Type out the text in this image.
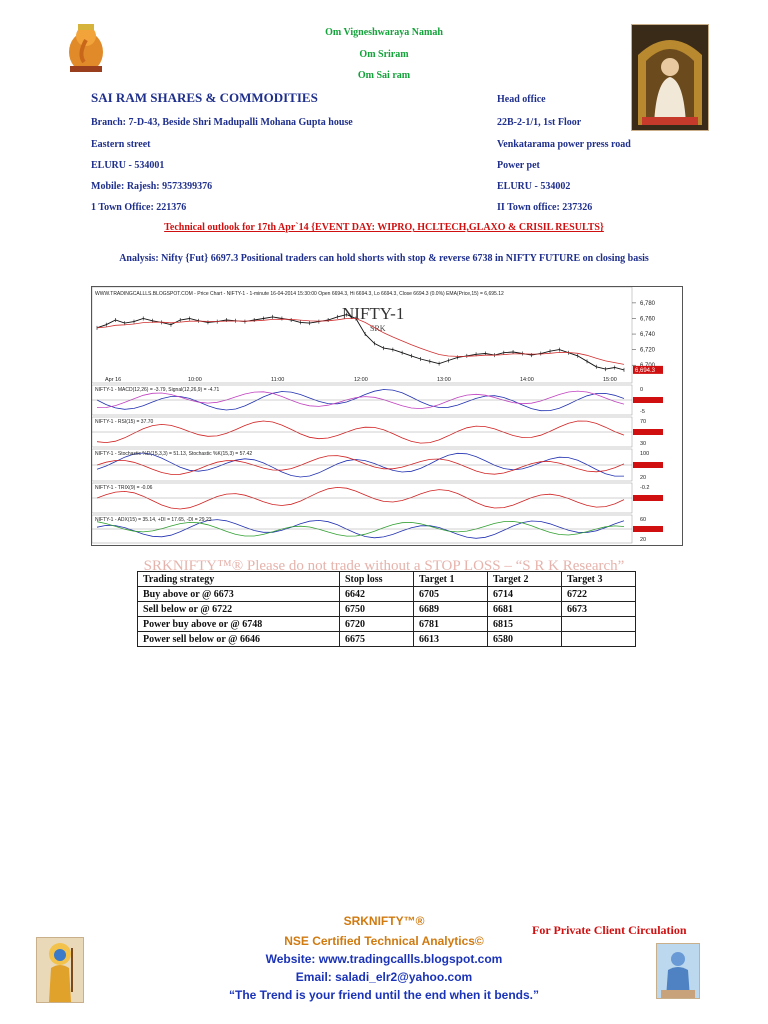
Om Vigneshwaraya Namah
Om Sriram
Om Sai ram
SAI RAM SHARES & COMMODITIES	Head office
Branch: 7-D-43, Beside Shri Madupalli Mohana Gupta house
Eastern street
ELURU - 534001
Mobile: Rajesh: 9573399376
1 Town Office: 221376
22B-2-1/1, 1st Floor
Venkatarama power press road
Power pet
ELURU - 534002
II Town office: 237326
Technical outlook for 17th Apr`14 {EVENT DAY: WIPRO, HCLTECH,GLAXO & CRISIL RESULTS}
Analysis: Nifty {Fut} 6697.3 Positional traders can hold shorts with stop & reverse 6738 in NIFTY FUTURE on closing basis
WWW.TRADINGCALLLS.BLOGSPOT.COM - Price Chart - NIFTY-1 - 1-minute 16-04-2014 15:30:00 Open 6694.3, Hi 6694.3, Lo 6694.3, Close 6694.3 (0.0%) EMA(Price,15) = 6,695.12
NIFTY-1
SRK
6,780
6,760
6,740
6,720
6,694.3
Apr 16	10:00	11:00	12:00	13:00	14:00	15:00
NIFTY-1 - MACD(12,26) = -3.79, Signal(12,26,9) = -4.71	0
-5
NIFTY-1 - RSI(15) = 37.70	70
30
NIFTY-1 - Stochastic %D(15,3,3) = 51.13, Stochastic %K(15,3) = 57.42	100
20
NIFTY-1 - TRIX(9) = -0.06	-0.2
NIFTY-1 - ADX(15) = 35.14, +DI = 17.65, -DI = 29.23	60
20
SRKNIFTY™® Please do not trade without a STOP LOSS – “S R K Research”
Trading strategy	Stop loss	Target 1	Target 2	Target 3
Buy above or @ 6673	6642	6705	6714	6722
Sell below or @ 6722	6750	6689	6681	6673
Power buy above or @ 6748	6720	6781	6815	
Power sell below or @ 6646	6675	6613	6580	
SRKNIFTY™®
NSE Certified Technical Analytics©
Website: www.tradingcallls.blogspot.com
Email: saladi_elr2@yahoo.com
“The Trend is your friend until the end when it bends.”
For Private Client Circulation
